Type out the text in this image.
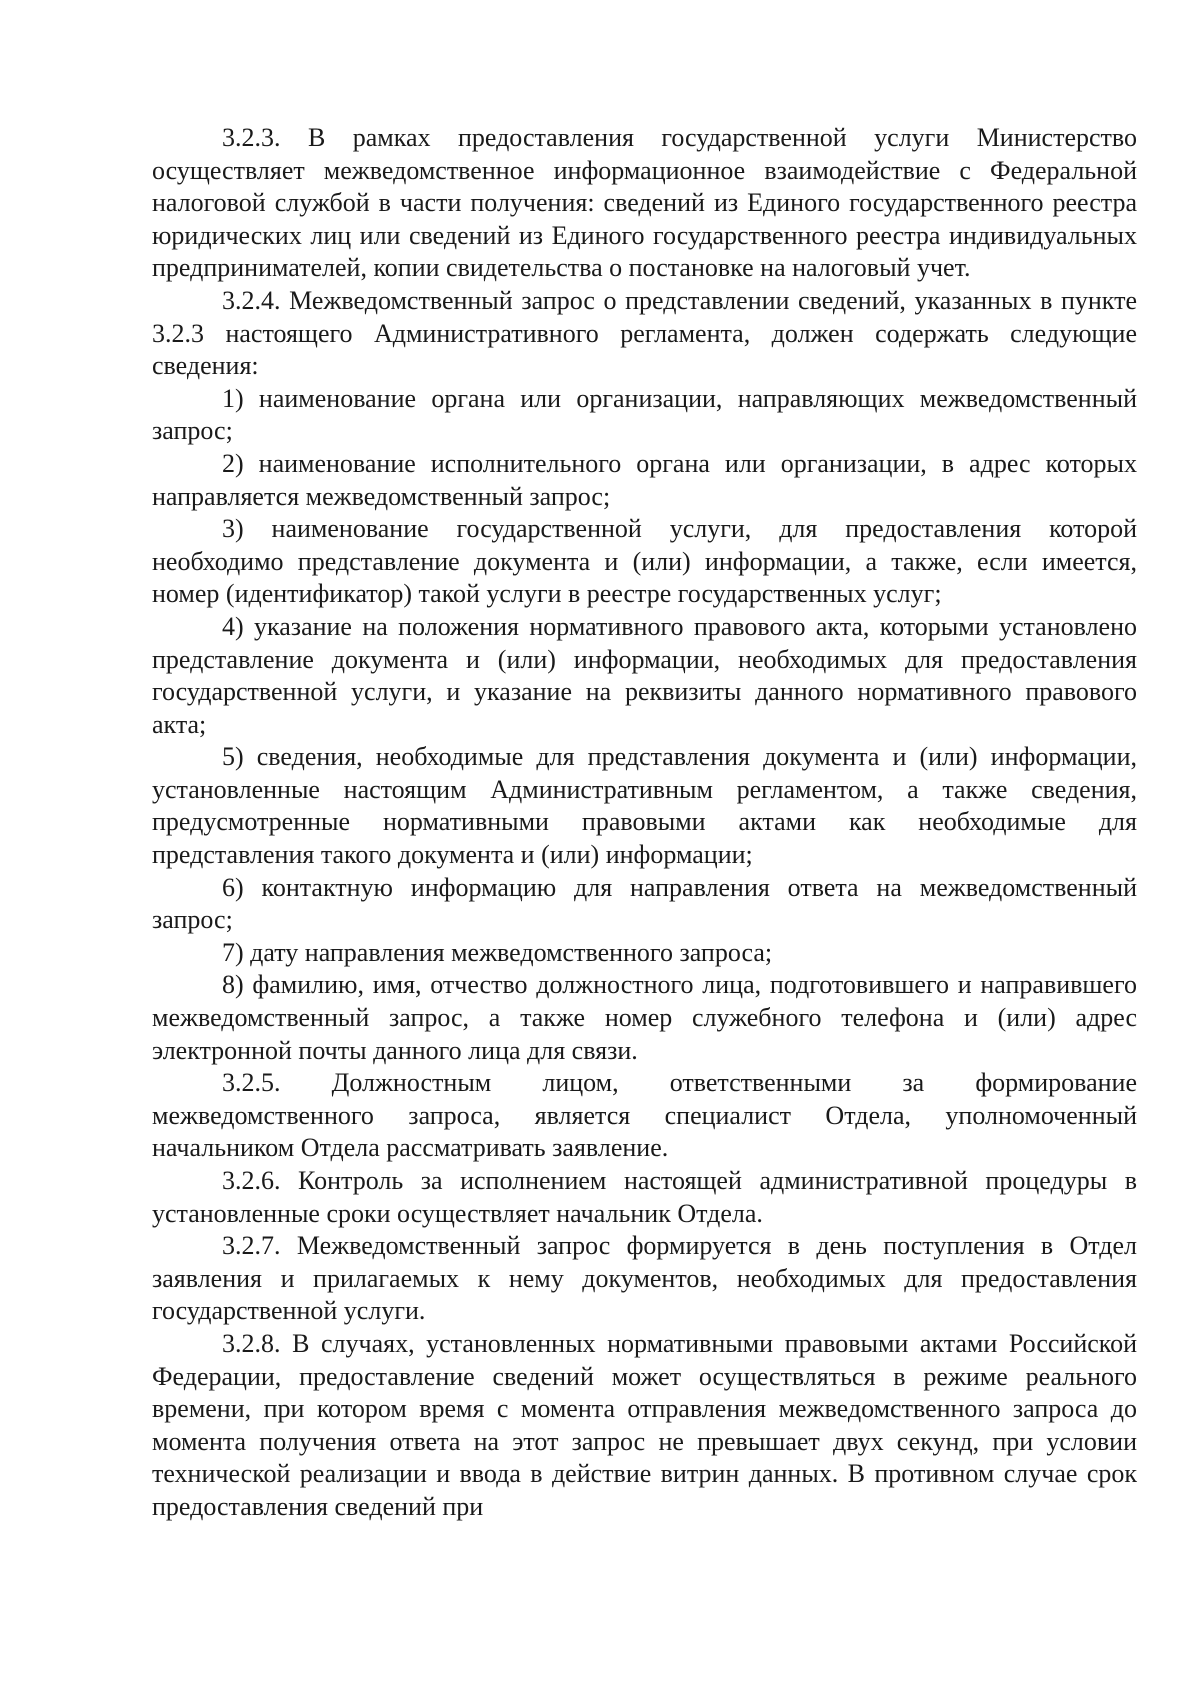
3.2.3. В рамках предоставления государственной услуги Министерство осуществляет межведомственное информационное взаимодействие с Федеральной налоговой службой в части получения: сведений из Единого государственного реестра юридических лиц или сведений из Единого государственного реестра индивидуальных предпринимателей, копии свидетельства о постановке на налоговый учет.

3.2.4. Межведомственный запрос о представлении сведений, указанных в пункте 3.2.3 настоящего Административного регламента, должен содержать следующие сведения:

1) наименование органа или организации, направляющих межведомственный запрос;

2) наименование исполнительного органа или организации, в адрес которых направляется межведомственный запрос;

3) наименование государственной услуги, для предоставления которой необходимо представление документа и (или) информации, а также, если имеется, номер (идентификатор) такой услуги в реестре государственных услуг;

4) указание на положения нормативного правового акта, которыми установлено представление документа и (или) информации, необходимых для предоставления государственной услуги, и указание на реквизиты данного нормативного правового акта;

5) сведения, необходимые для представления документа и (или) информации, установленные настоящим Административным регламентом, а также сведения, предусмотренные нормативными правовыми актами как необходимые для представления такого документа и (или) информации;

6) контактную информацию для направления ответа на межведомственный запрос;

7) дату направления межведомственного запроса;

8) фамилию, имя, отчество должностного лица, подготовившего и направившего межведомственный запрос, а также номер служебного телефона и (или) адрес электронной почты данного лица для связи.

3.2.5. Должностным лицом, ответственными за формирование межведомственного запроса, является специалист Отдела, уполномоченный начальником Отдела рассматривать заявление.

3.2.6. Контроль за исполнением настоящей административной процедуры в установленные сроки осуществляет начальник Отдела.

3.2.7. Межведомственный запрос формируется в день поступления в Отдел заявления и прилагаемых к нему документов, необходимых для предоставления государственной услуги.

3.2.8. В случаях, установленных нормативными правовыми актами Российской Федерации, предоставление сведений может осуществляться в режиме реального времени, при котором время с момента отправления межведомственного запроса до момента получения ответа на этот запрос не превышает двух секунд, при условии технической реализации и ввода в действие витрин данных. В противном случае срок предоставления сведений при
